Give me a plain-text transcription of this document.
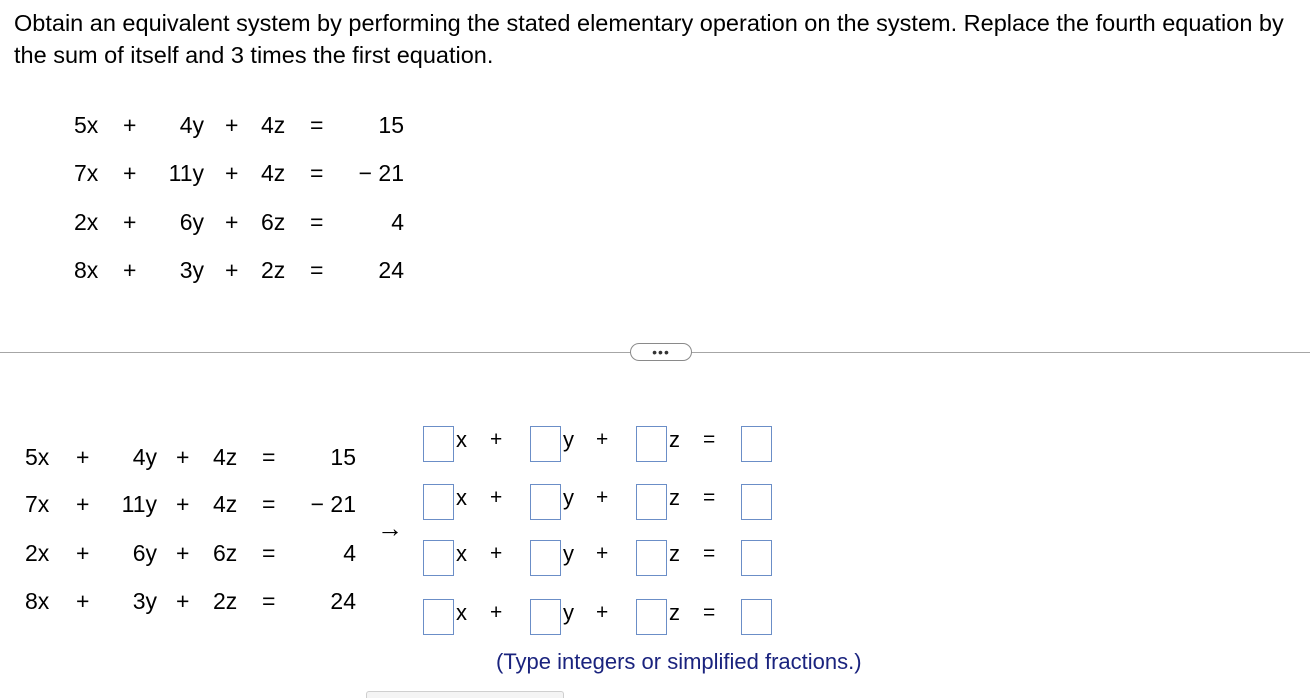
Obtain an equivalent system by performing the stated elementary operation on the system. Replace the fourth equation by the sum of itself and 3 times the first equation.
5x +	4y + 4z =	15
7x +	11y + 4z =	− 21
2x +	6y + 6z =	4
8x +	3y + 2z =	24
•••
5x +	4y + 4z =	15
7x +	11y + 4z =	− 21
2x +	6y + 6z =	4
8x +	3y + 2z =	24
→
x +	y +	z =
x +	y +	z =
x +	y +	z =
x +	y +	z =
(Type integers or simplified fractions.)
